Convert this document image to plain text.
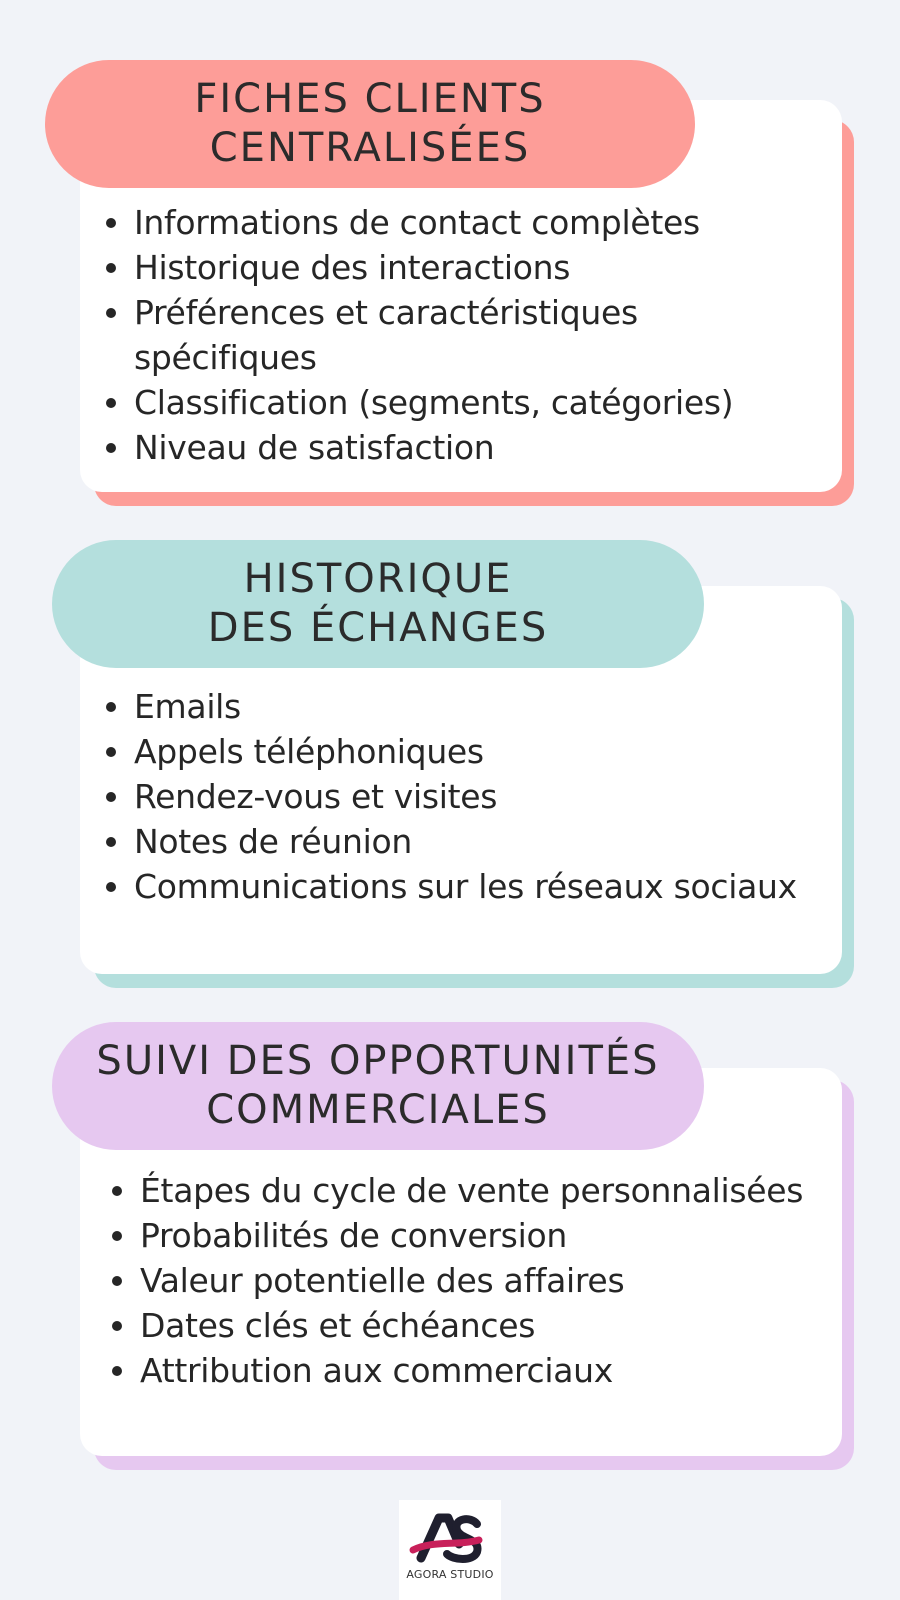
Informations de contact complètes
Historique des interactions
Préférences et caractéristiques spécifiques
Classification (segments, catégories)
Niveau de satisfaction
FICHES CLIENTS
CENTRALISÉES
Emails
Appels téléphoniques
Rendez-vous et visites
Notes de réunion
Communications sur les réseaux sociaux
HISTORIQUE
DES ÉCHANGES
Étapes du cycle de vente personnalisées
Probabilités de conversion
Valeur potentielle des affaires
Dates clés et échéances
Attribution aux commerciaux
SUIVI DES OPPORTUNITÉS
COMMERCIALES
AGORA STUDIO
